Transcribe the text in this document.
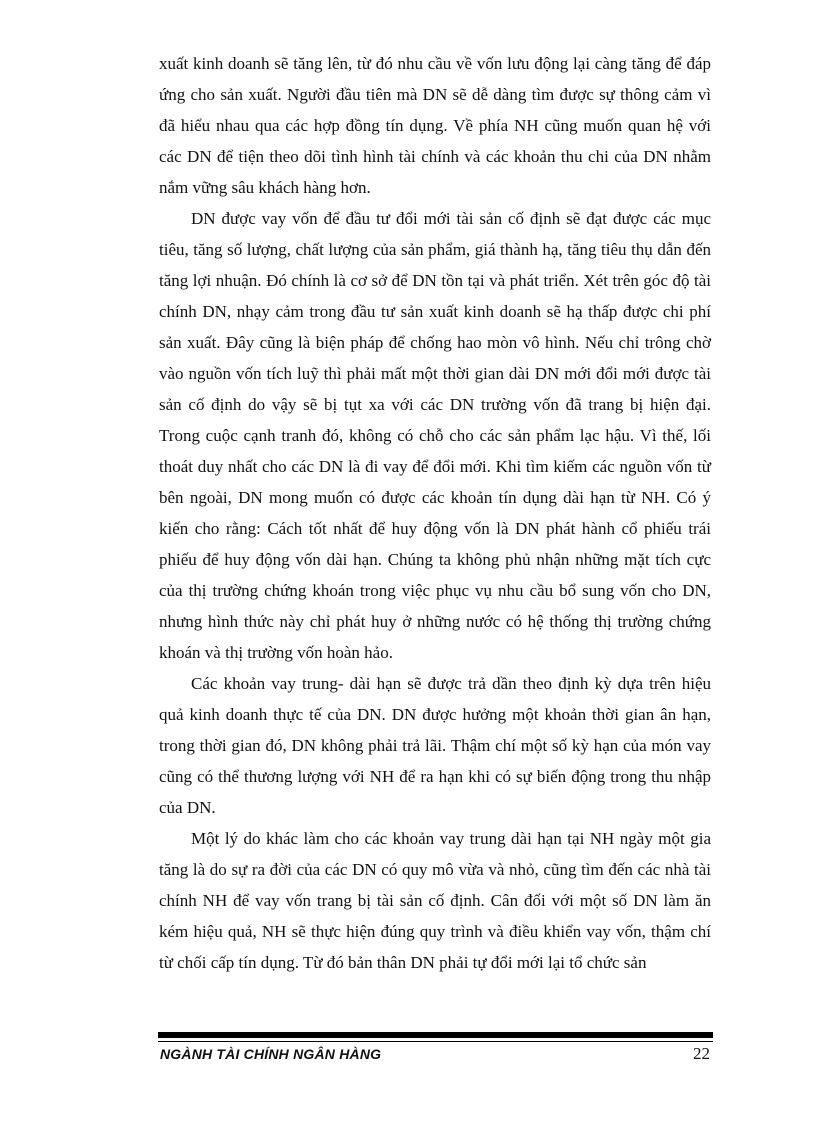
xuất kinh doanh sẽ tăng lên, từ đó nhu cầu về vốn lưu động lại càng tăng để đáp ứng cho sản xuất. Người đầu tiên mà DN sẽ dễ dàng tìm được sự thông cảm vì đã hiểu nhau qua các hợp đồng tín dụng. Về phía NH cũng muốn quan hệ với các DN để tiện theo dõi tình hình tài chính và các khoản thu chi của DN nhằm nắm vững sâu khách hàng hơn.

DN được vay vốn để đầu tư đổi mới tài sản cố định sẽ đạt được các mục tiêu, tăng số lượng, chất lượng của sản phẩm, giá thành hạ, tăng tiêu thụ dẫn đến tăng lợi nhuận. Đó chính là cơ sở để DN tồn tại và phát triển. Xét trên góc độ tài chính DN, nhạy cảm trong đầu tư sản xuất kinh doanh sẽ hạ thấp được chi phí sản xuất. Đây cũng là biện pháp để chống hao mòn vô hình. Nếu chỉ trông chờ vào nguồn vốn tích luỹ thì phải mất một thời gian dài DN mới đổi mới được tài sản cố định do vậy sẽ bị tụt xa với các DN trường vốn đã trang bị hiện đại. Trong cuộc cạnh tranh đó, không có chỗ cho các sản phẩm lạc hậu. Vì thế, lối thoát duy nhất cho các DN là đi vay để đổi mới. Khi tìm kiếm các nguồn vốn từ bên ngoài, DN mong muốn có được các khoản tín dụng dài hạn từ NH. Có ý kiến cho rằng: Cách tốt nhất để huy động vốn là DN phát hành cổ phiếu trái phiếu để huy động vốn dài hạn. Chúng ta không phủ nhận những mặt tích cực của thị trường chứng khoán trong việc phục vụ nhu cầu bổ sung vốn cho DN, nhưng hình thức này chỉ phát huy ở những nước có hệ thống thị trường chứng khoán và thị trường vốn hoàn hảo.

Các khoản vay trung- dài hạn sẽ được trả dần theo định kỳ dựa trên hiệu quả kinh doanh thực tế của DN. DN được hưởng một khoản thời gian ân hạn, trong thời gian đó, DN không phải trả lãi. Thậm chí một số kỳ hạn của món vay cũng có thể thương lượng với NH để ra hạn khi có sự biến động trong thu nhập của DN.

Một lý do khác làm cho các khoản vay trung dài hạn tại NH ngày một gia tăng là do sự ra đời của các DN có quy mô vừa và nhỏ, cũng tìm đến các nhà tài chính NH để vay vốn trang bị tài sản cố định. Cân đối với một số DN làm ăn kém hiệu quả, NH sẽ thực hiện đúng quy trình và điều khiển vay vốn, thậm chí từ chối cấp tín dụng. Từ đó bản thân DN phải tự đổi mới lại tổ chức sản

NGÀNH TÀI CHÍNH NGÂN HÀNG	22
